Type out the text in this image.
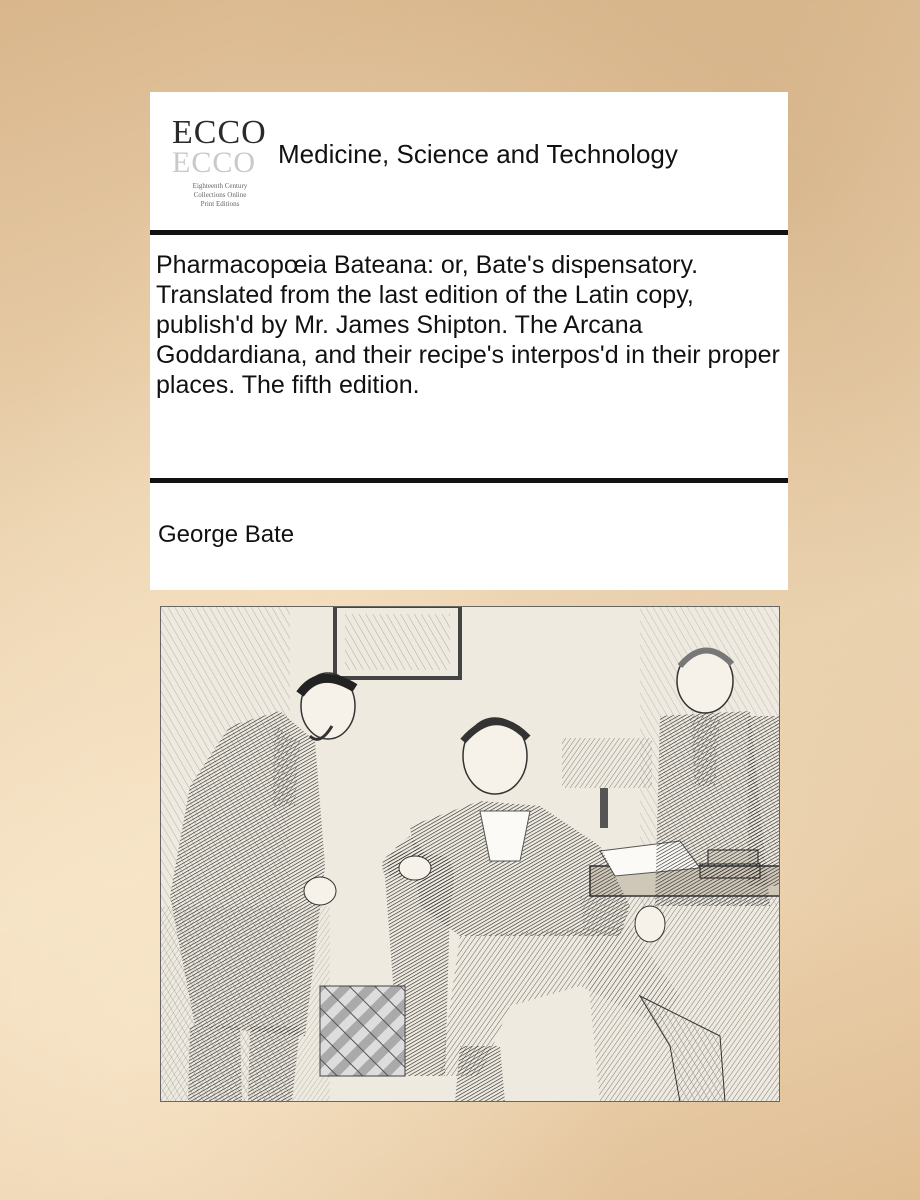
ECCO
ECCO
Eighteenth Century
Collections Online
Print Editions
Medicine, Science and Technology
Pharmacopœia Bateana: or, Bate's dispensatory. Translated from the last edition of the Latin copy, publish'd by Mr. James Shipton. The Arcana Goddardiana, and their recipe's interpos'd in their proper places. The fifth edition.
George Bate
